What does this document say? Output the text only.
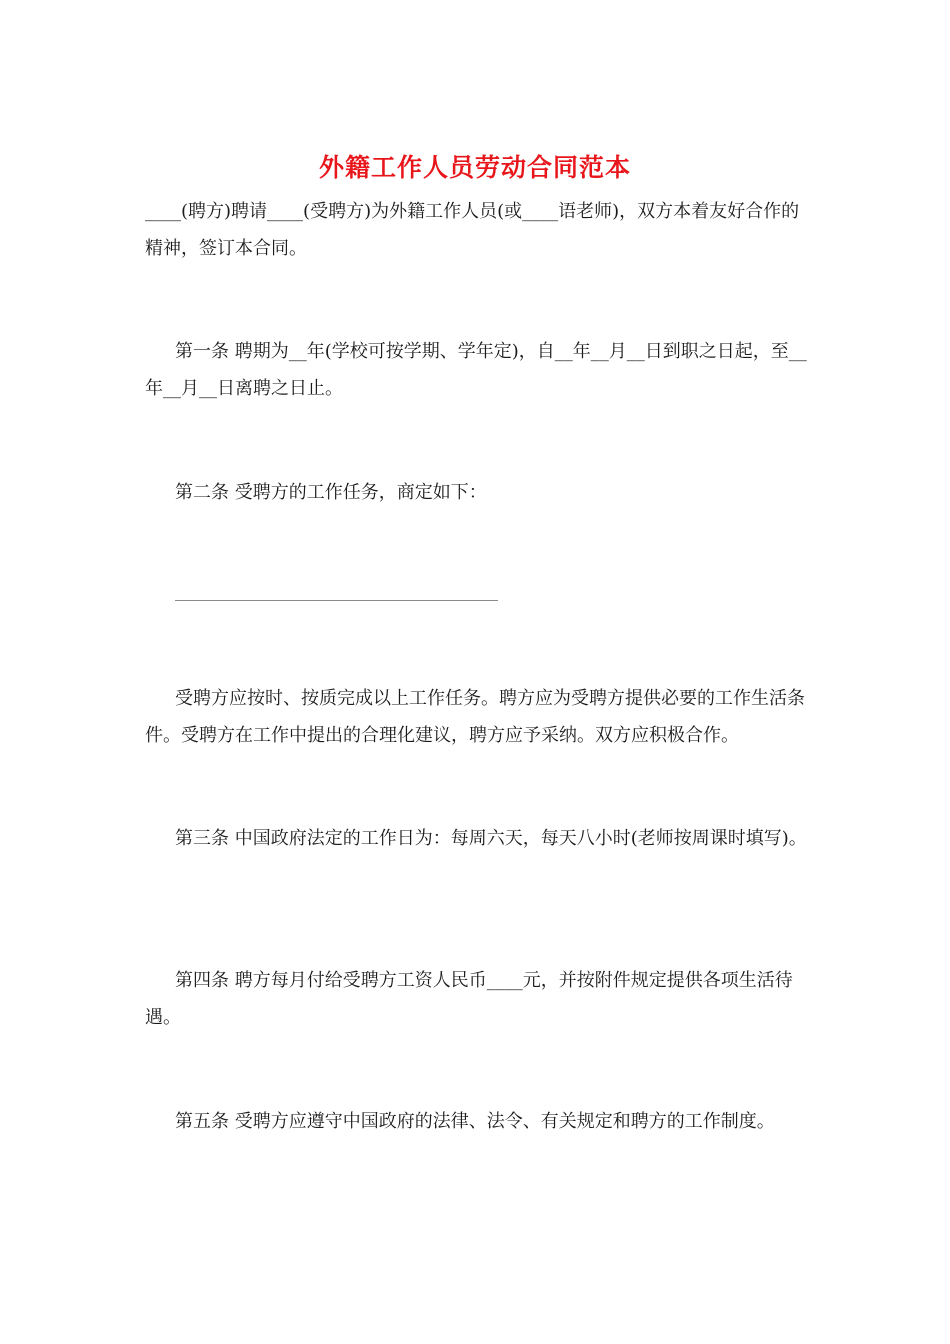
外籍工作人员劳动合同范本
____(聘方)聘请____(受聘方)为外籍工作人员(或____语老师)，双方本着友好合作的精神，签订本合同。
第一条 聘期为__年(学校可按学期、学年定)，自__年__月__日到职之日起，至__年__月__日离聘之日止。
第二条 受聘方的工作任务，商定如下：
受聘方应按时、按质完成以上工作任务。聘方应为受聘方提供必要的工作生活条件。受聘方在工作中提出的合理化建议，聘方应予采纳。双方应积极合作。
第三条 中国政府法定的工作日为：每周六天，每天八小时(老师按周课时填写)。
第四条 聘方每月付给受聘方工资人民币____元，并按附件规定提供各项生活待遇。
第五条 受聘方应遵守中国政府的法律、法令、有关规定和聘方的工作制度。
